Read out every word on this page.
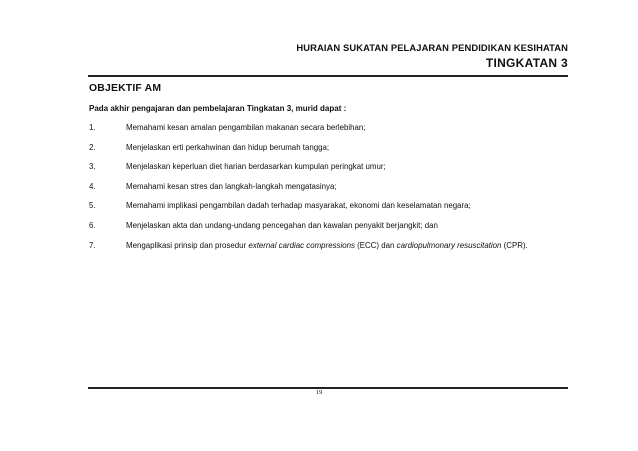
HURAIAN SUKATAN PELAJARAN PENDIDIKAN KESIHATAN
TINGKATAN 3
OBJEKTIF AM
Pada akhir pengajaran dan pembelajaran Tingkatan 3, murid dapat :
1.	Memahami kesan amalan pengambilan makanan secara berlebihan;
2.	Menjelaskan erti perkahwinan dan hidup berumah tangga;
3.	Menjelaskan keperluan diet harian berdasarkan kumpulan peringkat umur;
4.	Memahami kesan stres dan langkah-langkah mengatasinya;
5.	Memahami implikasi pengambilan dadah terhadap masyarakat, ekonomi dan keselamatan negara;
6.	Menjelaskan akta dan undang-undang pencegahan dan kawalan penyakit berjangkit; dan
7.	Mengaplikasi prinsip dan prosedur external cardiac compressions (ECC) dan cardiopulmonary resuscitation (CPR).
19
